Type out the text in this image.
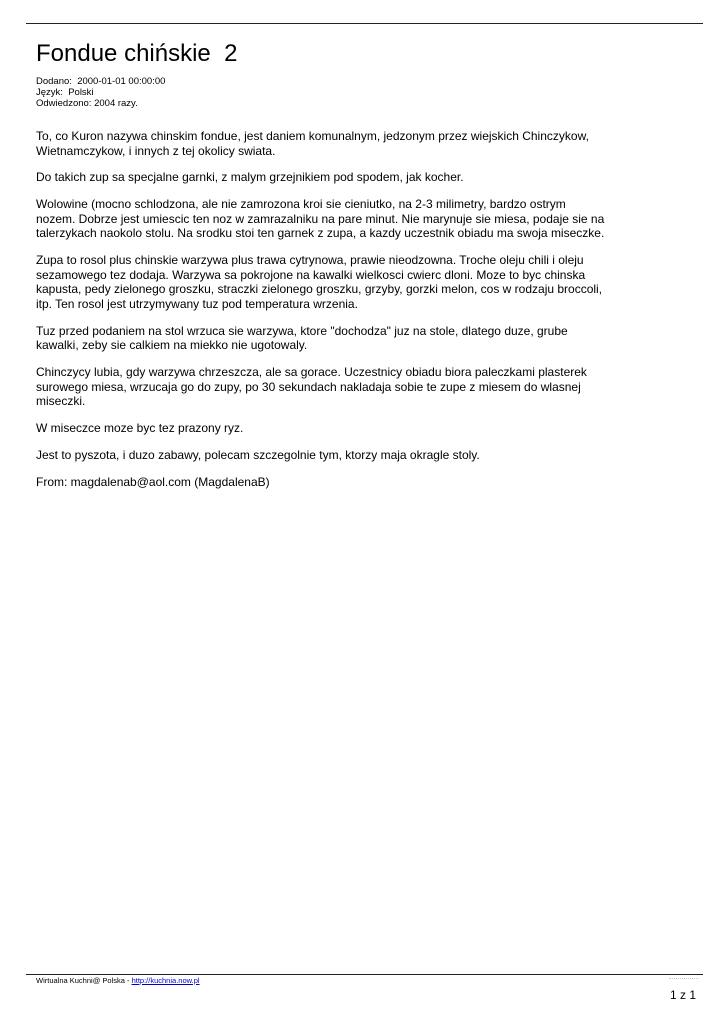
Fondue chińskie  2
Dodano:  2000-01-01 00:00:00
Język:  Polski
Odwiedzono: 2004 razy.

To, co Kuron nazywa chinskim fondue, jest daniem komunalnym, jedzonym przez wiejskich Chinczykow, Wietnamczykow, i innych z tej okolicy swiata.

Do takich zup sa specjalne garnki, z malym grzejnikiem pod spodem, jak kocher.

Wolowine (mocno schlodzona, ale nie zamrozona kroi sie cieniutko, na 2-3 milimetry, bardzo ostrym nozem. Dobrze jest umiescic ten noz w zamrazalniku na pare minut. Nie marynuje sie miesa, podaje sie na talerzykach naokolo stolu. Na srodku stoi ten garnek z zupa, a kazdy uczestnik obiadu ma swoja miseczke.

Zupa to rosol plus chinskie warzywa plus trawa cytrynowa, prawie nieodzowna. Troche oleju chili i oleju sezamowego tez dodaja. Warzywa sa pokrojone na kawalki wielkosci cwierc dloni. Moze to byc chinska kapusta, pedy zielonego groszku, straczki zielonego groszku, grzyby, gorzki melon, cos w rodzaju broccoli, itp. Ten rosol jest utrzymywany tuz pod temperatura wrzenia.

Tuz przed podaniem na stol wrzuca sie warzywa, ktore "dochodza" juz na stole, dlatego duze, grube kawalki, zeby sie calkiem na miekko nie ugotowaly.

Chinczycy lubia, gdy warzywa chrzeszcza, ale sa gorace. Uczestnicy obiadu biora paleczkami plasterek surowego miesa, wrzucaja go do zupy, po 30 sekundach nakladaja sobie te zupe z miesem do wlasnej miseczki.

W miseczce moze byc tez prazony ryz.

Jest to pyszota, i duzo zabawy, polecam szczegolnie tym, ktorzy maja okragle stoly.

From: magdalenab@aol.com (MagdalenaB)

Wirtualna Kuchni@ Polska - http://kuchnia.now.pl
1 z 1
